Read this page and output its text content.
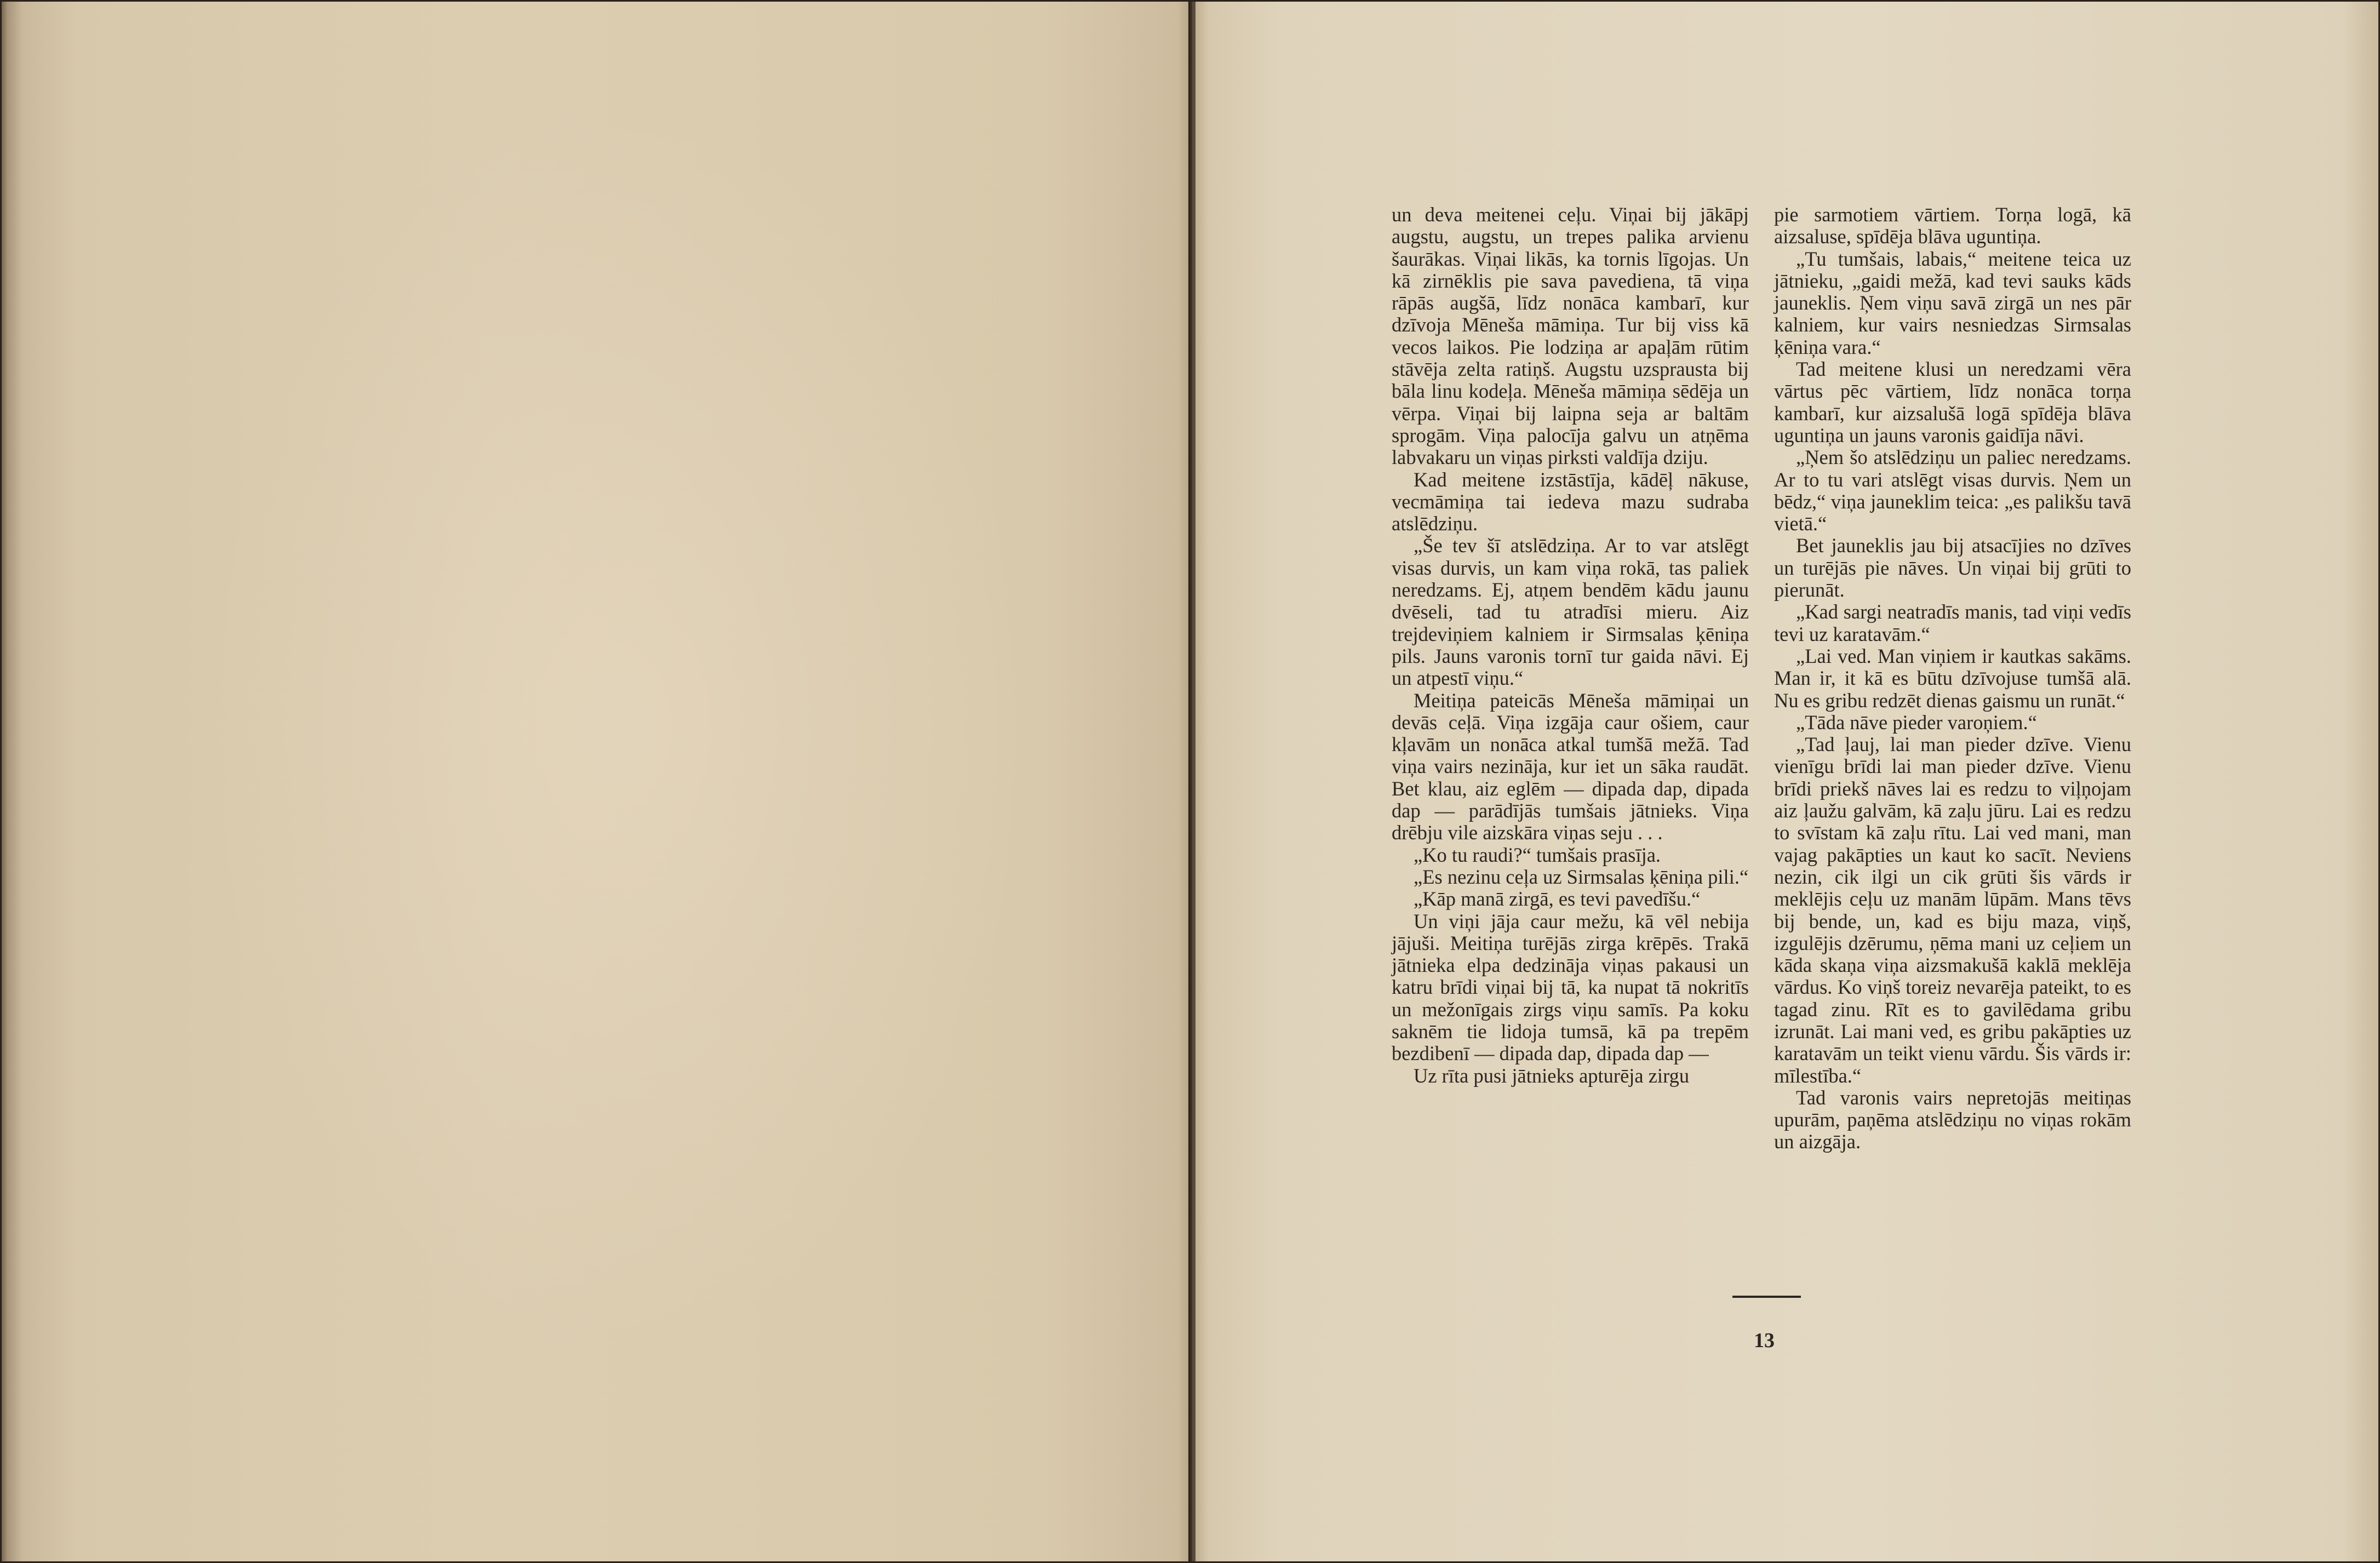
un deva meitenei ceļu. Viņai bij jākāpj augstu, augstu, un trepes palika arvienu šaurākas. Viņai likās, ka tornis līgojas. Un kā zirnēklis pie sava pavediena, tā viņa rāpās augšā, līdz nonāca kambarī, kur dzīvoja Mēneša māmiņa. Tur bij viss kā vecos laikos. Pie lodziņa ar apaļām rūtim stāvēja zelta ratiņš. Augstu uzsprausta bij bāla linu kodeļa. Mēneša māmiņa sēdēja un vērpa. Viņai bij laipna seja ar baltām sprogām. Viņa palocīja galvu un atņēma labvakaru un viņas pirksti valdīja dziju.

Kad meitene izstāstīja, kādēļ nākuse, vecmāmiņa tai iedeva mazu sudraba atslēdziņu.

„Še tev šī atslēdziņa. Ar to var atslēgt visas durvis, un kam viņa rokā, tas paliek neredzams. Ej, atņem bendēm kādu jaunu dvēseli, tad tu atradīsi mieru. Aiz trejdeviņiem kalniem ir Sirmsalas ķēniņa pils. Jauns varonis tornī tur gaida nāvi. Ej un atpestī viņu.“

Meitiņa pateicās Mēneša māmiņai un devās ceļā. Viņa izgāja caur ošiem, caur kļavām un nonāca atkal tumšā mežā. Tad viņa vairs nezināja, kur iet un sāka raudāt. Bet klau, aiz eglēm — dipada dap, dipada dap — parādījās tumšais jātnieks. Viņa drēbju vile aizskāra viņas seju . . .

„Ko tu raudi?“ tumšais prasīja.

„Es nezinu ceļa uz Sirmsalas ķēniņa pili.“

„Kāp manā zirgā, es tevi pavedīšu.“

Un viņi jāja caur mežu, kā vēl nebija jājuši. Meitiņa turējās zirga krēpēs. Trakā jātnieka elpa dedzināja viņas pakausi un katru brīdi viņai bij tā, ka nupat tā nokritīs un mežonīgais zirgs viņu samīs. Pa koku saknēm tie lidoja tumsā, kā pa trepēm bezdibenī — dipada dap, dipada dap —

Uz rīta pusi jātnieks apturēja zirgu

pie sarmotiem vārtiem. Torņa logā, kā aizsaluse, spīdēja blāva uguntiņa.

„Tu tumšais, labais,“ meitene teica uz jātnieku, „gaidi mežā, kad tevi sauks kāds jauneklis. Ņem viņu savā zirgā un nes pār kalniem, kur vairs nesniedzas Sirmsalas ķēniņa vara.“

Tad meitene klusi un neredzami vēra vārtus pēc vārtiem, līdz nonāca torņa kambarī, kur aizsalušā logā spīdēja blāva uguntiņa un jauns varonis gaidīja nāvi.

„Ņem šo atslēdziņu un paliec neredzams. Ar to tu vari atslēgt visas durvis. Ņem un bēdz,“ viņa jauneklim teica: „es palikšu tavā vietā.“

Bet jauneklis jau bij atsacījies no dzīves un turējās pie nāves. Un viņai bij grūti to pierunāt.

„Kad sargi neatradīs manis, tad viņi vedīs tevi uz karatavām.“

„Lai ved. Man viņiem ir kautkas sakāms. Man ir, it kā es būtu dzīvojuse tumšā alā. Nu es gribu redzēt dienas gaismu un runāt.“

„Tāda nāve pieder varoņiem.“

„Tad ļauj, lai man pieder dzīve. Vienu vienīgu brīdi lai man pieder dzīve. Vienu brīdi priekš nāves lai es redzu to viļņojam aiz ļaužu galvām, kā zaļu jūru. Lai es redzu to svīstam kā zaļu rītu. Lai ved mani, man vajag pakāpties un kaut ko sacīt. Neviens nezin, cik ilgi un cik grūti šis vārds ir meklējis ceļu uz manām lūpām. Mans tēvs bij bende, un, kad es biju maza, viņš, izgulējis dzērumu, ņēma mani uz ceļiem un kāda skaņa viņa aizsmakušā kaklā meklēja vārdus. Ko viņš toreiz nevarēja pateikt, to es tagad zinu. Rīt es to gavilēdama gribu izrunāt. Lai mani ved, es gribu pakāpties uz karatavām un teikt vienu vārdu. Šis vārds ir: mīlestība.“

Tad varonis vairs nepretojās meitiņas upurām, paņēma atslēdziņu no viņas rokām un aizgāja.

13
